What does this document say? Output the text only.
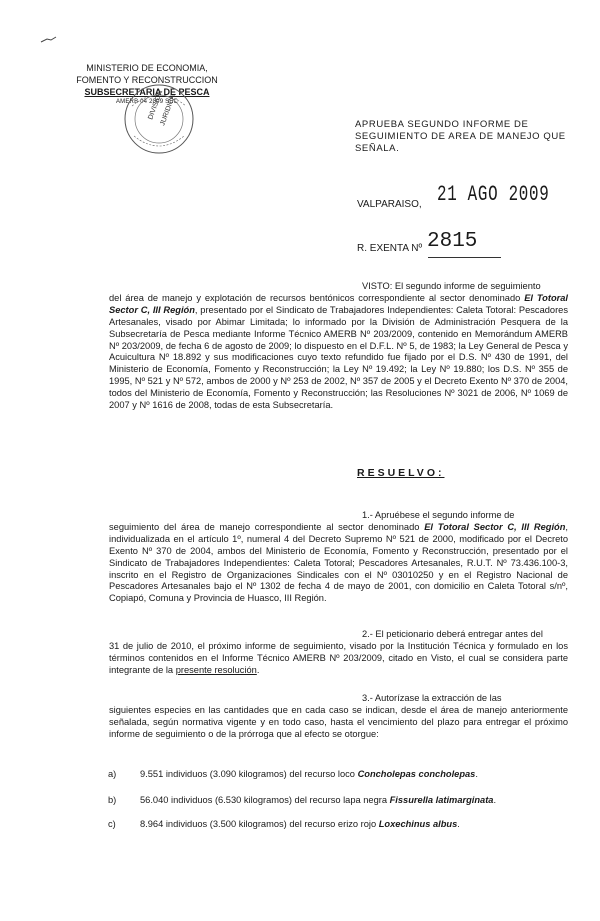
MINISTERIO DE ECONOMIA,
FOMENTO Y RECONSTRUCCION
SUBSECRETARIA DE PESCA
AMERB 04 2009 SEC
DIVISION
JURIDICA	APRUEBA SEGUNDO INFORME DE SEGUIMIENTO DE AREA DE MANEJO QUE SEÑALA.
VALPARAISO, 21 AGO 2009
R. EXENTA Nº 2815

VISTO: El segundo informe de seguimiento

del área de manejo y explotación de recursos bentónicos correspondiente al sector denominado El Totoral Sector C, III Región, presentado por el Sindicato de Trabajadores Independientes: Caleta Totoral: Pescadores Artesanales, visado por Abimar Limitada; lo informado por la División de Administración Pesquera de la Subsecretaría de Pesca mediante Informe Técnico AMERB Nº 203/2009, contenido en Memorándum AMERB Nº 203/2009, de fecha 6 de agosto de 2009; lo dispuesto en el D.F.L. Nº 5, de 1983; la Ley General de Pesca y Acuicultura Nº 18.892 y sus modificaciones cuyo texto refundido fue fijado por el D.S. Nº 430 de 1991, del Ministerio de Economía, Fomento y Reconstrucción; la Ley Nº 19.492; la Ley Nº 19.880; los D.S. Nº 355 de 1995, Nº 521 y Nº 572, ambos de 2000 y Nº 253 de 2002, Nº 357 de 2005 y el Decreto Exento Nº 370 de 2004, todos del Ministerio de Economía, Fomento y Reconstrucción; las Resoluciones Nº 3021 de 2006, Nº 1069 de 2007 y Nº 1616 de 2008, todas de esta Subsecretaría.

RESUELVO:
1.- Apruébese el segundo informe de
seguimiento del área de manejo correspondiente al sector denominado El Totoral Sector C, III Región, individualizada en el artículo 1º, numeral 4 del Decreto Supremo Nº 521 de 2000, modificado por el Decreto Exento Nº 370 de 2004, ambos del Ministerio de Economía, Fomento y Reconstrucción, presentado por el Sindicato de Trabajadores Independientes: Caleta Totoral; Pescadores Artesanales, R.U.T. Nº 73.436.100-3, inscrito en el Registro de Organizaciones Sindicales con el Nº 03010250 y en el Registro Nacional de Pescadores Artesanales bajo el Nº 1302 de fecha 4 de mayo de 2001, con domicilio en Caleta Totoral s/nº, Copiapó, Comuna y Provincia de Huasco, III Región.
2.- El peticionario deberá entregar antes del
31 de julio de 2010, el próximo informe de seguimiento, visado por la Institución Técnica y formulado en los términos contenidos en el Informe Técnico AMERB Nº 203/2009, citado en Visto, el cual se considera parte integrante de la presente resolución.
3.- Autorízase la extracción de las
siguientes especies en las cantidades que en cada caso se indican, desde el área de manejo anteriormente señalada, según normativa vigente y en todo caso, hasta el vencimiento del plazo para entregar el próximo informe de seguimiento o de la prórroga que al efecto se otorgue:
a)	9.551 individuos (3.090 kilogramos) del recurso loco Concholepas concholepas.
b)	56.040 individuos (6.530 kilogramos) del recurso lapa negra Fissurella latimarginata.
c)	8.964 individuos (3.500 kilogramos) del recurso erizo rojo Loxechinus albus.
